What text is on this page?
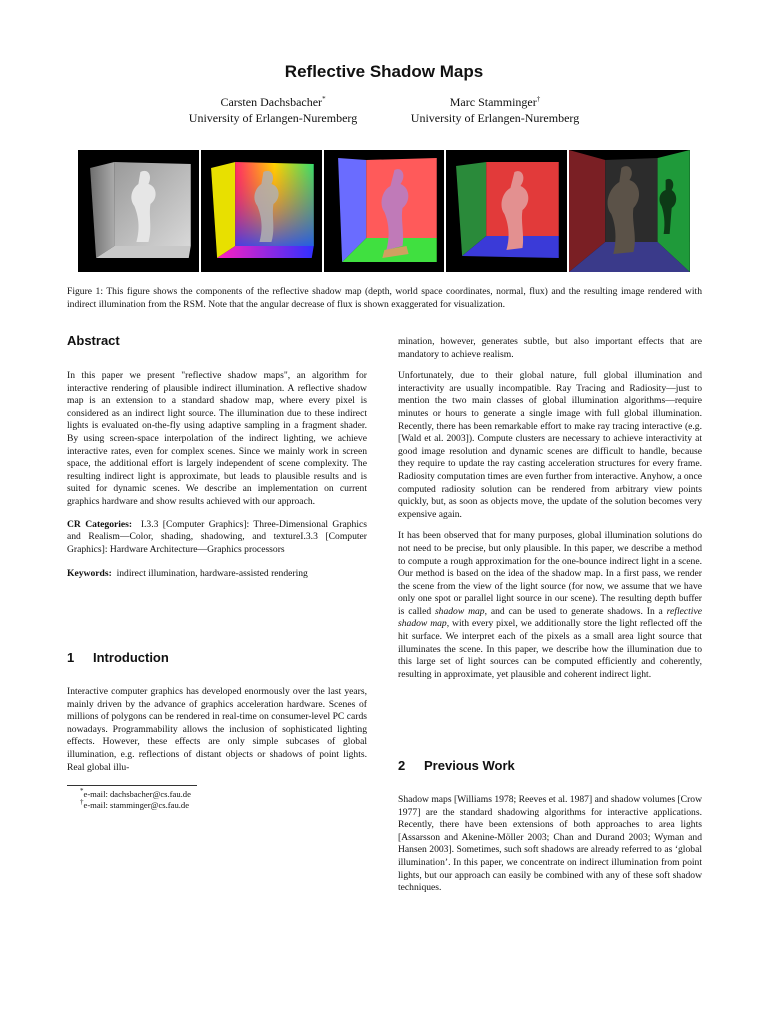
Reflective Shadow Maps
Carsten Dachsbacher*
University of Erlangen-Nuremberg
Marc Stamminger†
University of Erlangen-Nuremberg
Figure 1: This figure shows the components of the reflective shadow map (depth, world space coordinates, normal, flux) and the resulting image rendered with indirect illumination from the RSM. Note that the angular decrease of flux is shown exaggerated for visualization.
Abstract

In this paper we present "reflective shadow maps", an algorithm for interactive rendering of plausible indirect illumination. A reflective shadow map is an extension to a standard shadow map, where every pixel is considered as an indirect light source. The illumination due to these indirect lights is evaluated on-the-fly using adaptive sampling in a fragment shader. By using screen-space interpolation of the indirect lighting, we achieve interactive rates, even for complex scenes. Since we mainly work in screen space, the additional effort is largely independent of scene complexity. The resulting indirect light is approximate, but leads to plausible results and is suited for dynamic scenes. We describe an implementation on current graphics hardware and show results achieved with our approach.

CR Categories: I.3.3 [Computer Graphics]: Three-Dimensional Graphics and Realism—Color, shading, shadowing, and textureI.3.3 [Computer Graphics]: Hardware Architecture—Graphics processors

Keywords: indirect illumination, hardware-assisted rendering

1 Introduction

Interactive computer graphics has developed enormously over the last years, mainly driven by the advance of graphics acceleration hardware. Scenes of millions of polygons can be rendered in real-time on consumer-level PC cards nowadays. Programmability allows the inclusion of sophisticated lighting effects. However, these effects are only simple subcases of global illumination, e.g. reflections of distant objects or shadows of point lights. Real global illu-

*e-mail: dachsbacher@cs.fau.de
†e-mail: stamminger@cs.fau.de

mination, however, generates subtle, but also important effects that are mandatory to achieve realism.

Unfortunately, due to their global nature, full global illumination and interactivity are usually incompatible. Ray Tracing and Radiosity—just to mention the two main classes of global illumination algorithms—require minutes or hours to generate a single image with full global illumination. Recently, there has been remarkable effort to make ray tracing interactive (e.g. [Wald et al. 2003]). Compute clusters are necessary to achieve interactivity at good image resolution and dynamic scenes are difficult to handle, because they require to update the ray casting acceleration structures for every frame. Radiosity computation times are even further from interactive. Anyhow, a once computed radiosity solution can be rendered from arbitrary view points quickly, but, as soon as objects move, the update of the solution becomes very expensive again.

It has been observed that for many purposes, global illumination solutions do not need to be precise, but only plausible. In this paper, we describe a method to compute a rough approximation for the one-bounce indirect light in a scene. Our method is based on the idea of the shadow map. In a first pass, we render the scene from the view of the light source (for now, we assume that we have only one spot or parallel light source in our scene). The resulting depth buffer is called shadow map, and can be used to generate shadows. In a reflective shadow map, with every pixel, we additionally store the light reflected off the hit surface. We interpret each of the pixels as a small area light source that illuminates the scene. In this paper, we describe how the illumination due to this large set of light sources can be computed efficiently and coherently, resulting in approximate, yet plausible and coherent indirect light.

2 Previous Work

Shadow maps [Williams 1978; Reeves et al. 1987] and shadow volumes [Crow 1977] are the standard shadowing algorithms for interactive applications. Recently, there have been extensions of both approaches to area lights [Assarsson and Akenine-Möller 2003; Chan and Durand 2003; Wyman and Hansen 2003]. Sometimes, such soft shadows are already referred to as ‘global illumination’. In this paper, we concentrate on indirect illumination from point lights, but our approach can easily be combined with any of these soft shadow techniques.
